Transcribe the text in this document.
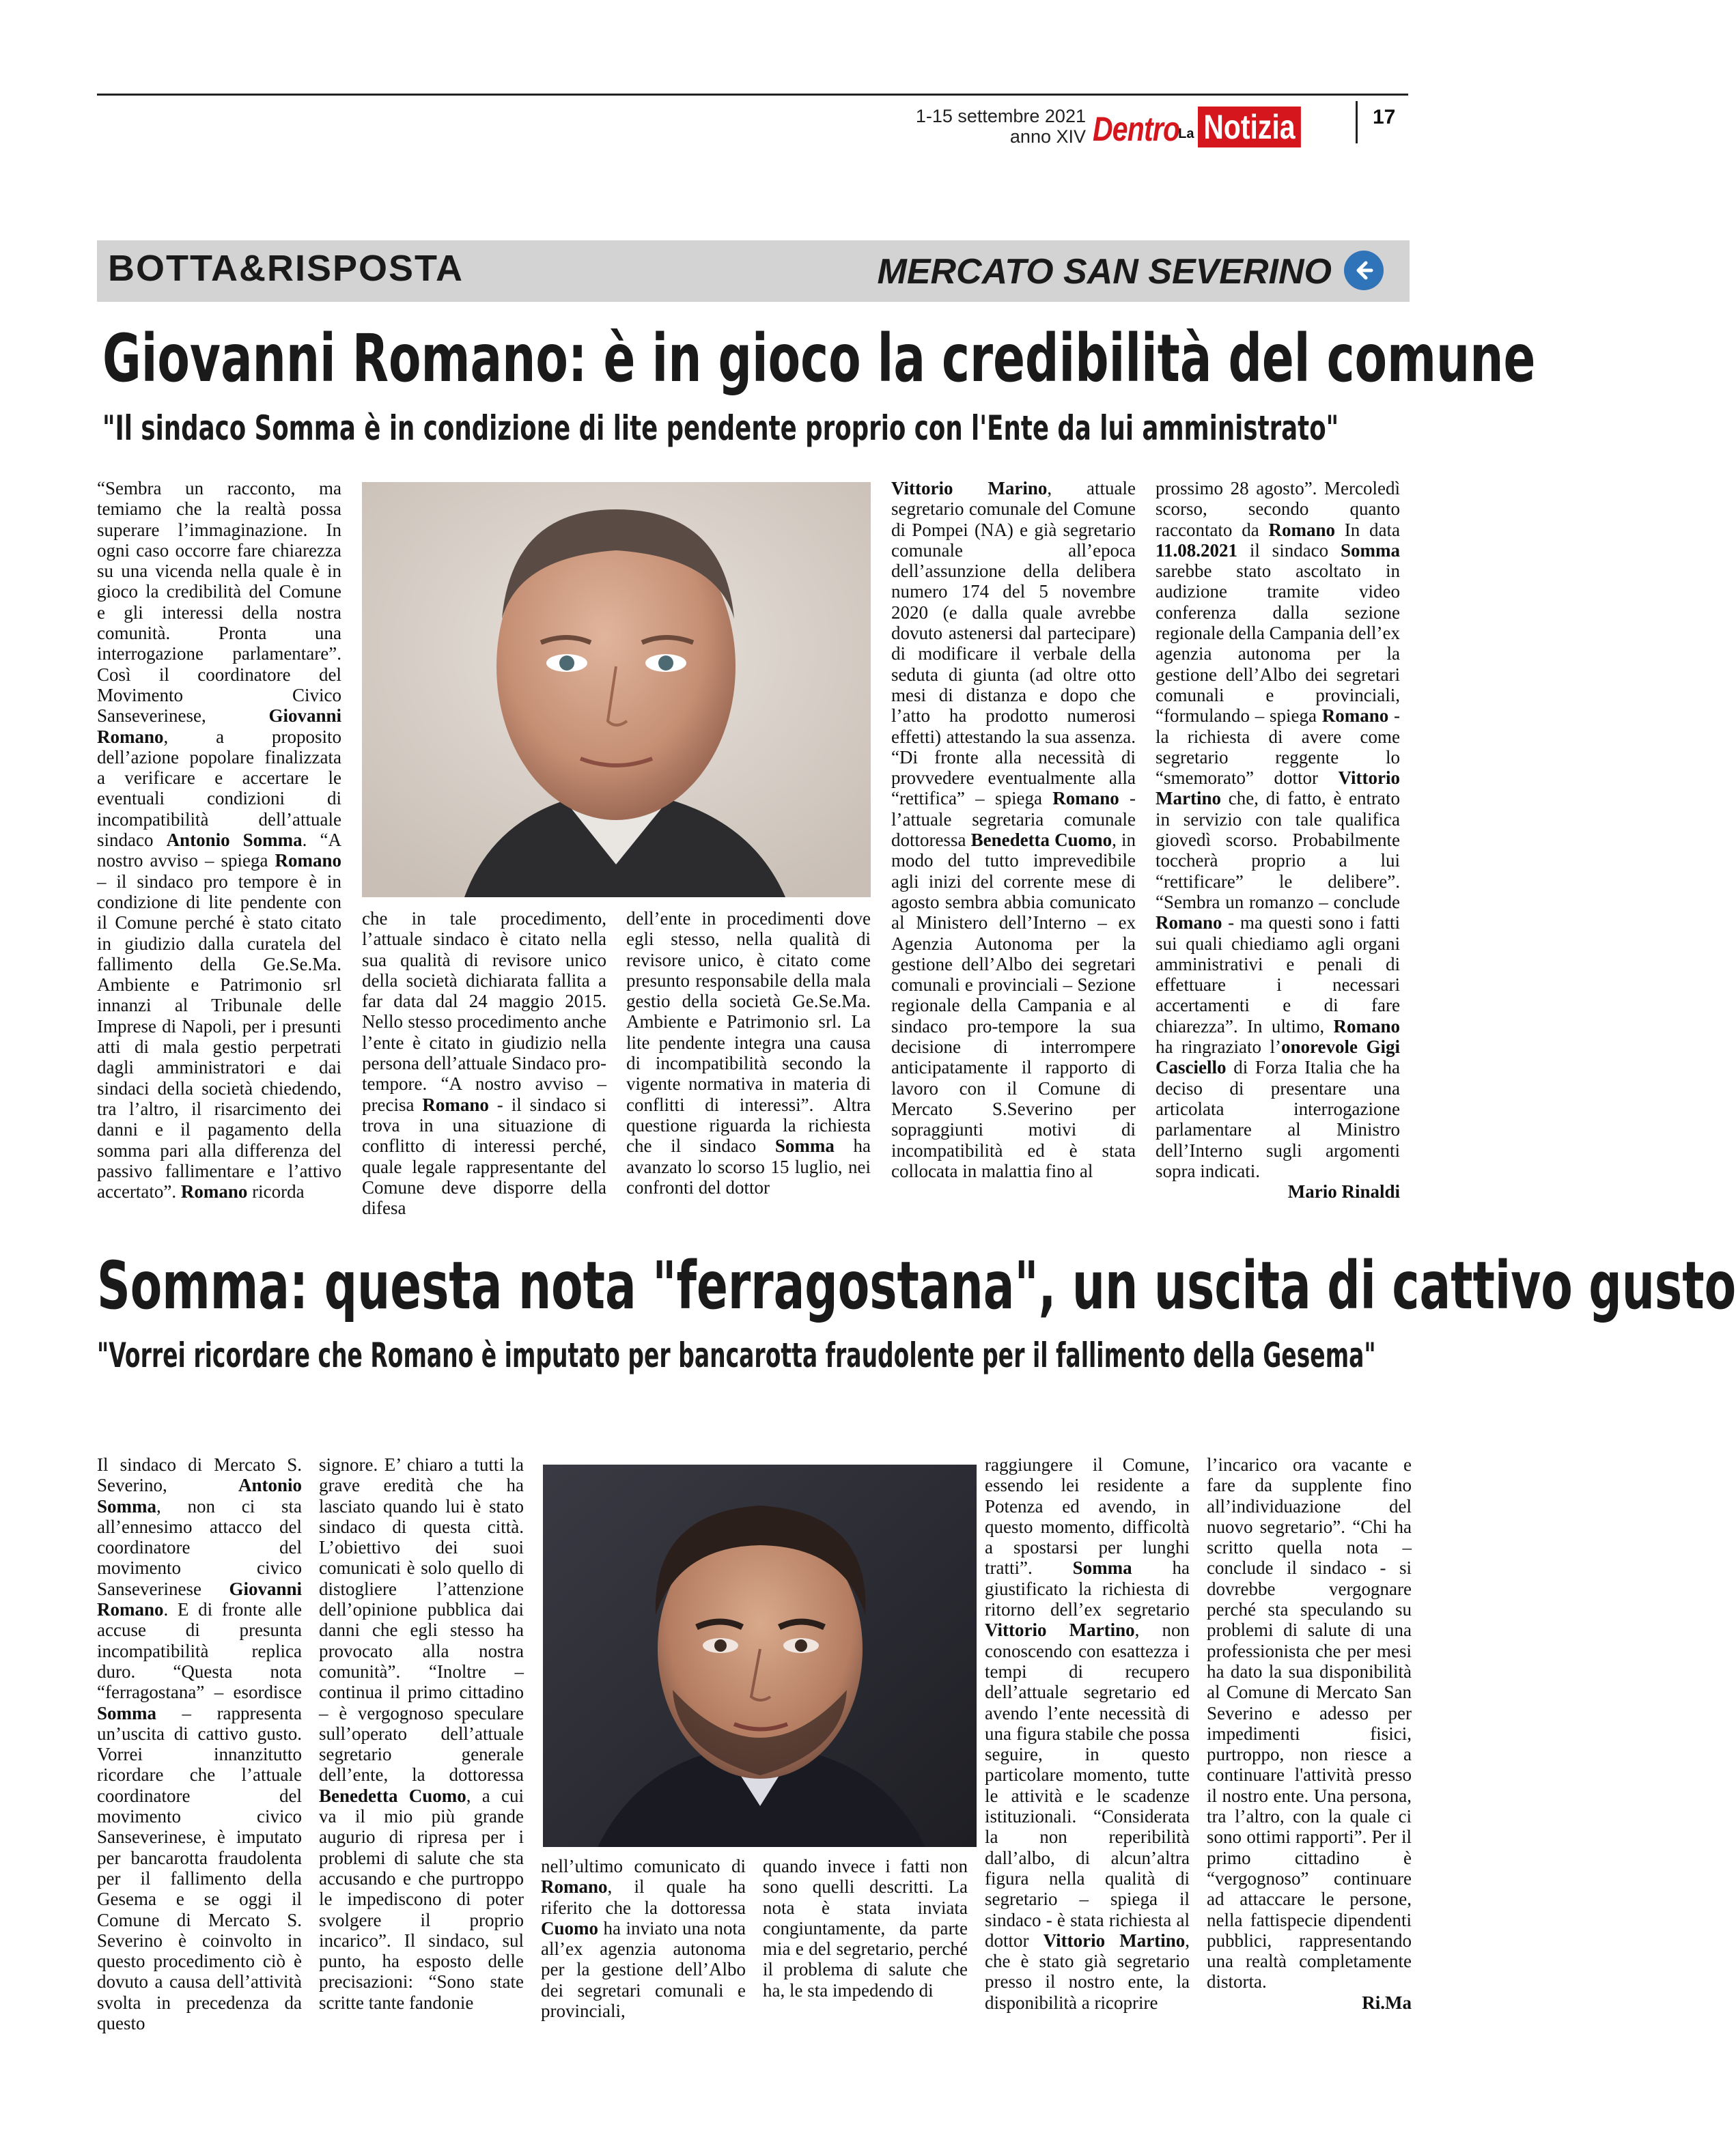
1-15 settembre 2021
anno XIV Dentro
La Notizia	17
BOTTA&RISPOSTA	MERCATO SAN SEVERINO
Giovanni Romano: è in gioco la credibilità del comune
"Il sindaco Somma è in condizione di lite pendente proprio con l'Ente da lui amministrato"

“Sembra un racconto, ma temiamo che la realtà possa superare l’immaginazione. In ogni caso occorre fare chiarezza su una vicenda nella quale è in gioco la credibilità del Comune e gli interessi della nostra comunità. Pronta una interrogazione parlamentare”. Così il coordinatore del Movimento Civico Sanseverinese, Giovanni Romano, a proposito dell’azione popolare finalizzata a verificare e accertare le eventuali condizioni di incompatibilità dell’attuale sindaco Antonio Somma. “A nostro avviso – spiega Romano – il sindaco pro tempore è in condizione di lite pendente con il Comune perché è stato citato in giudizio dalla curatela del fallimento della Ge.Se.Ma. Ambiente e Patrimonio srl innanzi al Tribunale delle Imprese di Napoli, per i presunti atti di mala gestio perpetrati dagli amministratori e dai sindaci della società chiedendo, tra l’altro, il risarcimento dei danni e il pagamento della somma pari alla differenza del passivo fallimentare e l’attivo accertato”. Romano ricorda

che in tale procedimento, l’attuale sindaco è citato nella sua qualità di revisore unico della società dichiarata fallita a far data dal 24 maggio 2015. Nello stesso procedimento anche l’ente è citato in giudizio nella persona dell’attuale Sindaco pro-tempore. “A nostro avviso – precisa Romano - il sindaco si trova in una situazione di conflitto di interessi perché, quale legale rappresentante del Comune deve disporre della difesa

dell’ente in procedimenti dove egli stesso, nella qualità di revisore unico, è citato come presunto responsabile della mala gestio della società Ge.Se.Ma. Ambiente e Patrimonio srl. La lite pendente integra una causa di incompatibilità secondo la vigente normativa in materia di conflitti di interessi”. Altra questione riguarda la richiesta che il sindaco Somma ha avanzato lo scorso 15 luglio, nei confronti del dottor

Vittorio Marino, attuale segretario comunale del Comune di Pompei (NA) e già segretario comunale all’epoca dell’assunzione della delibera numero 174 del 5 novembre 2020 (e dalla quale avrebbe dovuto astenersi dal partecipare) di modificare il verbale della seduta di giunta (ad oltre otto mesi di distanza e dopo che l’atto ha prodotto numerosi effetti) attestando la sua assenza. “Di fronte alla necessità di provvedere eventualmente alla “rettifica” – spiega Romano - l’attuale segretaria comunale dottoressa Benedetta Cuomo, in modo del tutto imprevedibile agli inizi del corrente mese di agosto sembra abbia comunicato al Ministero dell’Interno – ex Agenzia Autonoma per la gestione dell’Albo dei segretari comunali e provinciali – Sezione regionale della Campania e al sindaco pro-tempore la sua decisione di interrompere anticipatamente il rapporto di lavoro con il Comune di Mercato S.Severino per sopraggiunti motivi di incompatibilità ed è stata collocata in malattia fino al

prossimo 28 agosto”. Mercoledì scorso, secondo quanto raccontato da Romano In data 11.08.2021 il sindaco Somma sarebbe stato ascoltato in audizione tramite video conferenza dalla sezione regionale della Campania dell’ex agenzia autonoma per la gestione dell’Albo dei segretari comunali e provinciali, “formulando – spiega Romano - la richiesta di avere come segretario reggente lo “smemorato” dottor Vittorio Martino che, di fatto, è entrato in servizio con tale qualifica giovedì scorso. Probabilmente toccherà proprio a lui “rettificare” le delibere”. “Sembra un romanzo – conclude Romano - ma questi sono i fatti sui quali chiediamo agli organi amministrativi e penali di effettuare i necessari accertamenti e di fare chiarezza”. In ultimo, Romano ha ringraziato l’onorevole Gigi Casciello di Forza Italia che ha deciso di presentare una articolata interrogazione parlamentare al Ministro dell’Interno sugli argomenti sopra indicati.

Mario Rinaldi

Somma: questa nota "ferragostana", un uscita di cattivo gusto
"Vorrei ricordare che Romano è imputato per bancarotta fraudolente per il fallimento della Gesema"

Il sindaco di Mercato S. Severino, Antonio Somma, non ci sta all’ennesimo attacco del coordinatore del movimento civico Sanseverinese Giovanni Romano. E di fronte alle accuse di presunta incompatibilità replica duro. “Questa nota “ferragostana” – esordisce Somma – rappresenta un’uscita di cattivo gusto. Vorrei innanzitutto ricordare che l’attuale coordinatore del movimento civico Sanseverinese, è imputato per bancarotta fraudolenta per il fallimento della Gesema e se oggi il Comune di Mercato S. Severino è coinvolto in questo procedimento ciò è dovuto a causa dell’attività svolta in precedenza da questo

signore. E’ chiaro a tutti la grave eredità che ha lasciato quando lui è stato sindaco di questa città. L’obiettivo dei suoi comunicati è solo quello di distogliere l’attenzione dell’opinione pubblica dai danni che egli stesso ha provocato alla nostra comunità”. “Inoltre – continua il primo cittadino – è vergognoso speculare sull’operato dell’attuale segretario generale dell’ente, la dottoressa Benedetta Cuomo, a cui va il mio più grande augurio di ripresa per i problemi di salute che sta accusando e che purtroppo le impediscono di poter svolgere il proprio incarico”. Il sindaco, sul punto, ha esposto delle precisazioni: “Sono state scritte tante fandonie

nell’ultimo comunicato di Romano, il quale ha riferito che la dottoressa Cuomo ha inviato una nota all’ex agenzia autonoma per la gestione dell’Albo dei segretari comunali e provinciali,

quando invece i fatti non sono quelli descritti. La nota è stata inviata congiuntamente, da parte mia e del segretario, perché il problema di salute che ha, le sta impedendo di

raggiungere il Comune, essendo lei residente a Potenza ed avendo, in questo momento, difficoltà a spostarsi per lunghi tratti”. Somma ha giustificato la richiesta di ritorno dell’ex segretario Vittorio Martino, non conoscendo con esattezza i tempi di recupero dell’attuale segretario ed avendo l’ente necessità di una figura stabile che possa seguire, in questo particolare momento, tutte le attività e le scadenze istituzionali. “Considerata la non reperibilità dall’albo, di alcun’altra figura nella qualità di segretario – spiega il sindaco - è stata richiesta al dottor Vittorio Martino, che è stato già segretario presso il nostro ente, la disponibilità a ricoprire

l’incarico ora vacante e fare da supplente fino all’individuazione del nuovo segretario”. “Chi ha scritto quella nota – conclude il sindaco - si dovrebbe vergognare perché sta speculando su problemi di salute di una professionista che per mesi ha dato la sua disponibilità al Comune di Mercato San Severino e adesso per impedimenti fisici, purtroppo, non riesce a continuare l'attività presso il nostro ente. Una persona, tra l’altro, con la quale ci sono ottimi rapporti”. Per il primo cittadino è “vergognoso” continuare ad attaccare le persone, nella fattispecie dipendenti pubblici, rappresentando una realtà completamente distorta.

Ri.Ma
